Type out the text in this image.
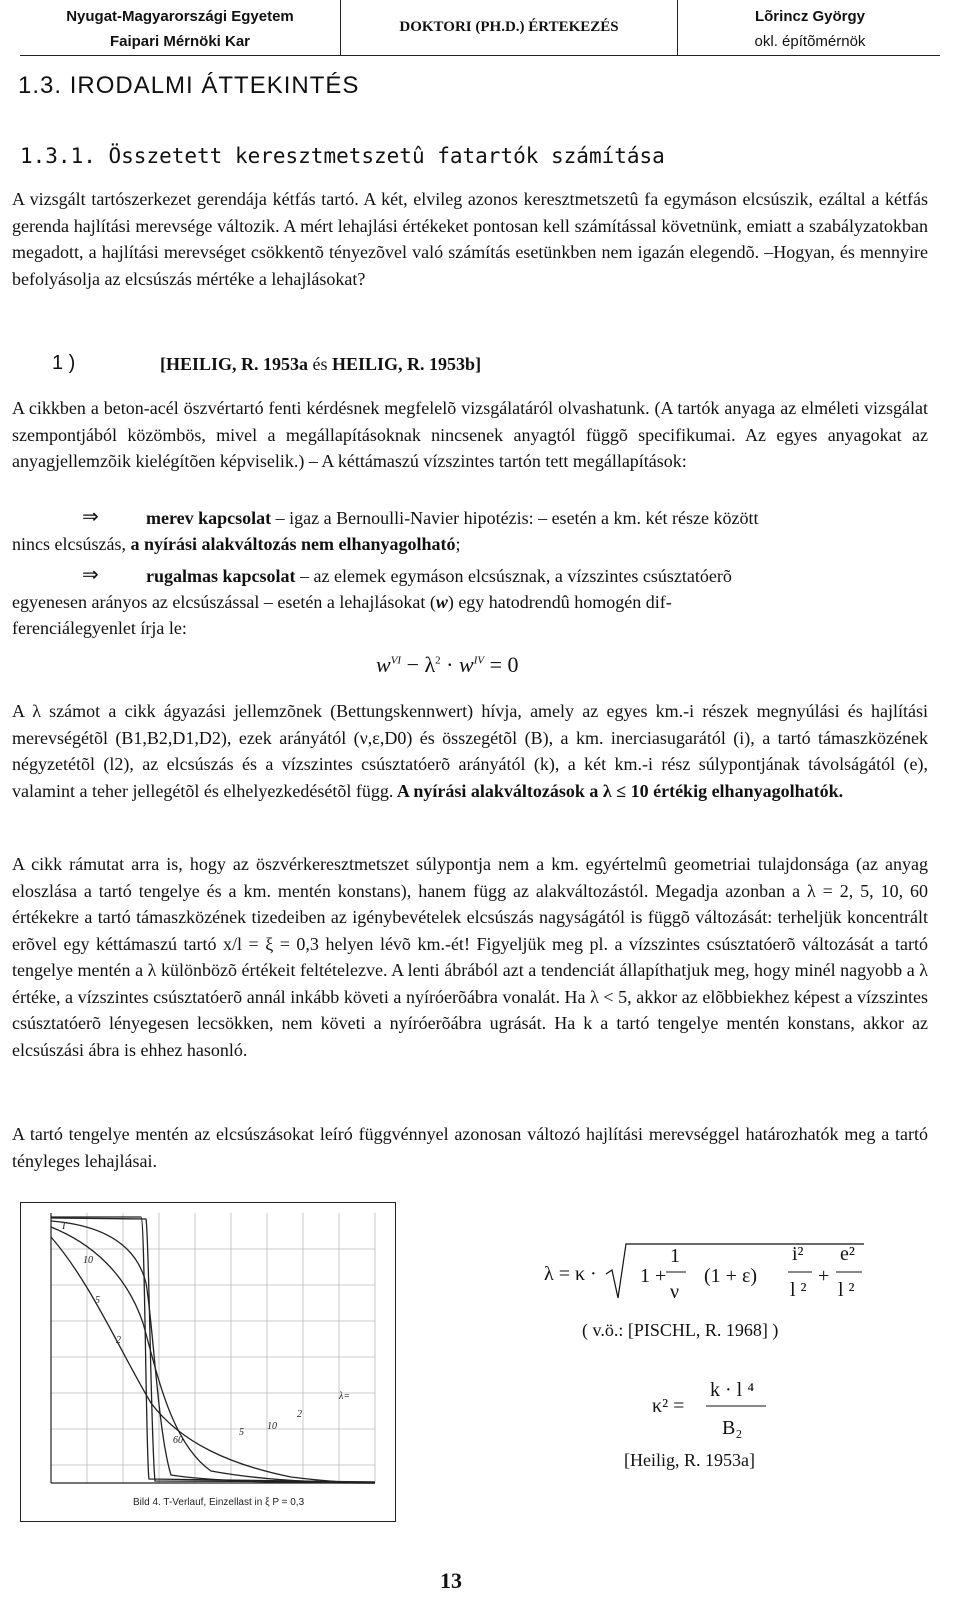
Nyugat-Magyarországi Egyetem
Faipari Mérnöki Kar
DOKTORI (PH.D.) ÉRTEKEZÉS
Lõrincz György
okl. építõmérnök
1.3. IRODALMI ÁTTEKINTÉS
1.3.1. Összetett keresztmetszetû fatartók számítása
A vizsgált tartószerkezet gerendája kétfás tartó. A két, elvileg azonos keresztmetszetû fa egymáson elcsúszik, ezáltal a kétfás gerenda hajlítási merevsége változik. A mért lehajlási értékeket pontosan kell számítással követnünk, emiatt a szabályzatokban megadott, a hajlítási merevséget csökkentõ tényezõvel való számítás esetünkben nem igazán elegendõ. –Hogyan, és mennyire befolyásolja az elcsúszás mértéke a lehajlásokat?
1 )	[HEILIG, R. 1953a és HEILIG, R. 1953b]
A cikkben a beton-acél öszvértartó fenti kérdésnek megfelelõ vizsgálatáról olvashatunk. (A tartók anyaga az elméleti vizsgálat szempontjából közömbös, mivel a megállapításoknak nincsenek anyagtól függõ specifikumai. Az egyes anyagokat az anyagjellemzõik kielégítõen képviselik.) – A kéttámaszú vízszintes tartón tett megállapítások:
⇒	merev kapcsolat – igaz a Bernoulli-Navier hipotézis: – esetén a km. két része között
nincs elcsúszás, a nyírási alakváltozás nem elhanyagolható;
⇒	rugalmas kapcsolat – az elemek egymáson elcsúsznak, a vízszintes csúsztatóerõ
egyenesen arányos az elcsúszással – esetén a lehajlásokat (w) egy hatodrendû homogén dif-
ferenciálegyenlet írja le:
$w^{VI} - \lambda^2 \cdot w^{IV} = 0$
A λ számot a cikk ágyazási jellemzõnek (Bettungskennwert) hívja, amely az egyes km.-i részek megnyúlási és hajlítási merevségétõl (B1,B2,D1,D2), ezek arányától (ν,ε,D0) és összegétõl (B), a km. inerciasugarától (i), a tartó támaszközének négyzetétõl (l2), az elcsúszás és a vízszintes csúsztatóerõ arányától (k), a két km.-i rész súlypontjának távolságától (e), valamint a teher jellegétõl és elhelyezkedésétõl függ. A nyírási alakváltozások a λ ≤ 10 értékig elhanyagolhatók.
A cikk rámutat arra is, hogy az öszvérkeresztmetszet súlypontja nem a km. egyértelmû geometriai tulajdonsága (az anyag eloszlása a tartó tengelye és a km. mentén konstans), hanem függ az alakváltozástól. Megadja azonban a λ = 2, 5, 10, 60 értékekre a tartó támaszközének tizedeiben az igénybevételek elcsúszás nagyságától is függõ változását: terheljük koncentrált erõvel egy kéttámaszú tartó x/l = ξ = 0,3 helyen lévõ km.-ét! Figyeljük meg pl. a vízszintes csúsztatóerõ változását a tartó tengelye mentén a λ különbözõ értékeit feltételezve. A lenti ábrából azt a tendenciát állapíthatjuk meg, hogy minél nagyobb a λ értéke, a vízszintes csúsztatóerõ annál inkább követi a nyíróerõábra vonalát. Ha λ < 5, akkor az elõbbiekhez képest a vízszintes csúsztatóerõ lényegesen lecsökken, nem követi a nyíróerõábra ugrását. Ha k a tartó tengelye mentén konstans, akkor az elcsúszási ábra is ehhez hasonló.
A tartó tengelye mentén az elcsúszásokat leíró függvénnyel azonosan változó hajlítási merevséggel határozhatók meg a tartó tényleges lehajlásai.
T
10
5
2
60
2
λ=
10
5
Bild 4. T-Verlauf, Einzellast in ξ P = 0,3
λ = κ · 1 +
1
ν
(1 + ε)
i²
l ²
+
e²
l ²
( v.ö.: [PISCHL, R. 1968] )
κ² =
k · l ⁴
B₂
[Heilig, R. 1953a]
13
